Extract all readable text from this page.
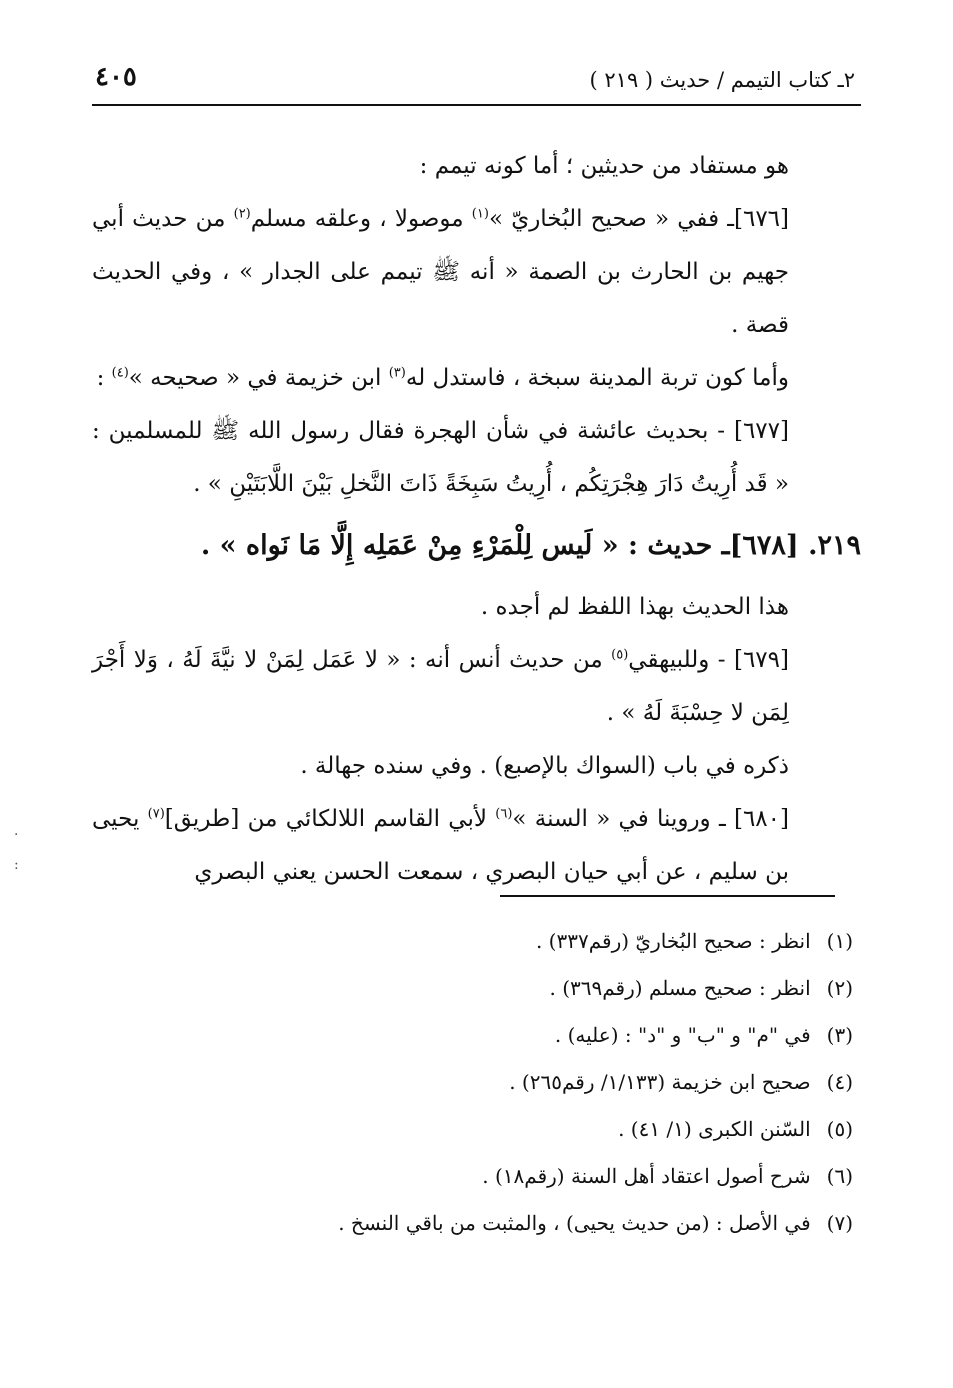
٢ـ كتاب التيمم / حديث ( ٢١٩ )
٤٠٥

هو مستفاد من حديثين ؛ أما كونه تيمم :

[٦٧٦]ـ ففي « صحيح البُخاريّ »$^{(١)}$ موصولا ، وعلقه مسلم$^{(٢)}$ من حديث أبي جهيم بن الحارث بن الصمة « أنه ﷺ تيمم على الجدار » ، وفي الحديث قصة .

وأما كون تربة المدينة سبخة ، فاستدل له$^{(٣)}$ ابن خزيمة في « صحيحه »$^{(٤)}$ :

[٦٧٧] - بحديث عائشة في شأن الهجرة فقال رسول الله ﷺ للمسلمين : « قَد أُرِيتُ دَارَ هِجْرَتِكُم ، أُرِيتُ سَبِخَةً ذَاتَ النَّخلِ بَيْنَ اللَّابَتَيْنِ » .

٢١٩. [٦٧٨]ـ حديث : « لَيس لِلْمَرْءِ مِنْ عَمَلِه إِلَّا مَا نَواه » .

هذا الحديث بهذا اللفظ لم أجده .

[٦٧٩] - وللبيهقي$^{(٥)}$ من حديث أنس أنه : « لا عَمَل لِمَنْ لا نيَّةَ لَهُ ، وَلا أَجْرَ لِمَن لا حِسْبَةَ لَهُ » .

ذكره في باب (السواك بالإصبع) . وفي سنده جهالة .

[٦٨٠] ـ وروينا في « السنة »$^{(٦)}$ لأبي القاسم اللالكائي من [طريق]$^{(٧)}$ يحيى بن سليم ، عن أبي حيان البصري ، سمعت الحسن يعني البصري

(١) انظر : صحيح البُخاريّ (رقم٣٣٧) .

(٢) انظر : صحيح مسلم (رقم٣٦٩) .

(٣) في "م" و "ب" و "د" : (عليه) .

(٤) صحيح ابن خزيمة (١/١٣٣/ رقم٢٦٥) .

(٥) السّنن الكبرى (١/ ٤١) .

(٦) شرح أصول اعتقاد أهل السنة (رقم١٨) .

(٧) في الأصل : (من حديث يحيى) ، والمثبت من باقي النسخ .

·
:
